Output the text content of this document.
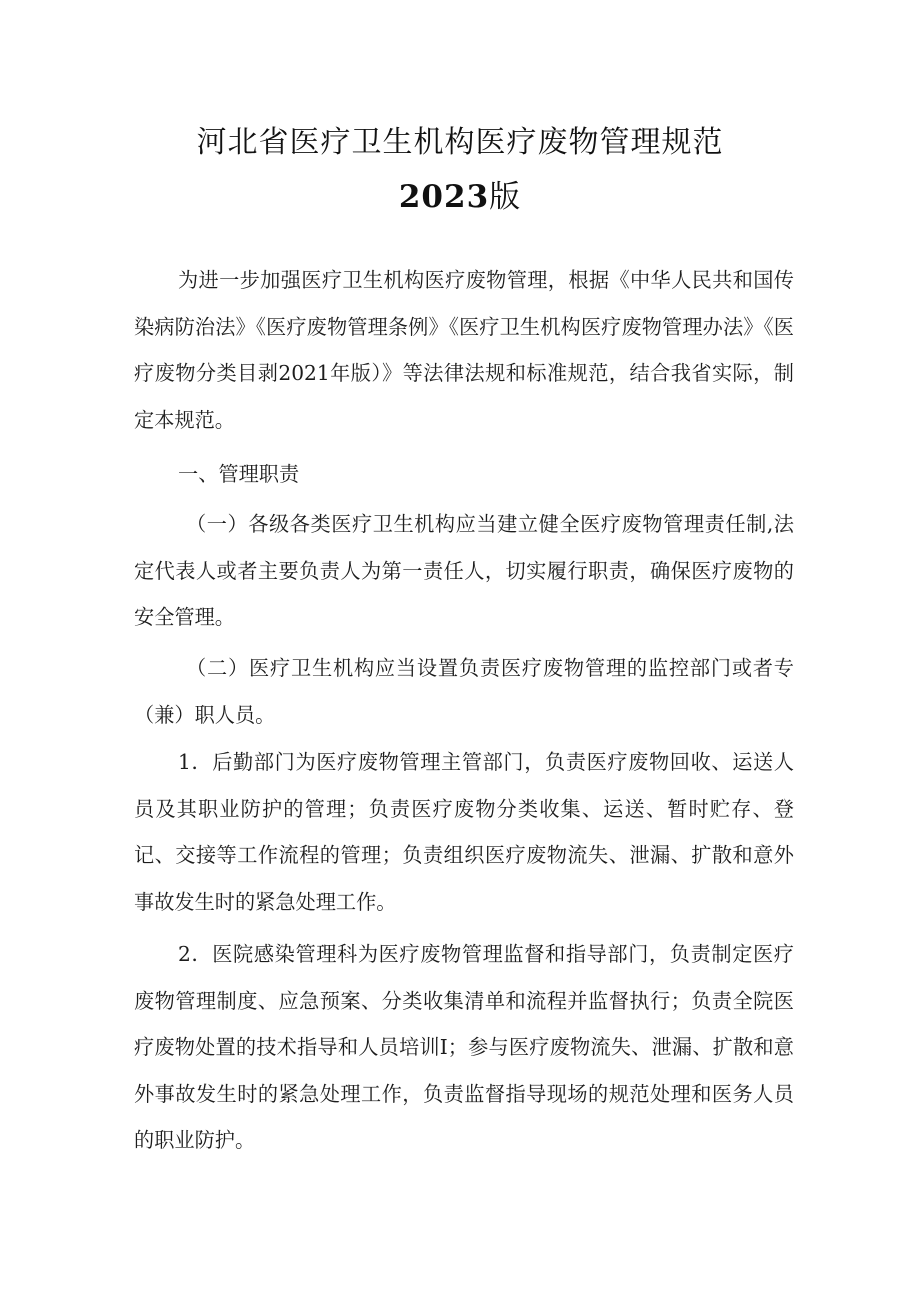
河北省医疗卫生机构医疗废物管理规范
2023版

为进一步加强医疗卫生机构医疗废物管理，根据《中华人民共和国传染病防治法》《医疗废物管理条例》《医疗卫生机构医疗废物管理办法》《医疗废物分类目剥2021年版）》等法律法规和标准规范，结合我省实际，制定本规范。

一、管理职责

（一）各级各类医疗卫生机构应当建立健全医疗废物管理责任制,法定代表人或者主要负责人为第一责任人，切实履行职责，确保医疗废物的安全管理。

（二）医疗卫生机构应当设置负责医疗废物管理的监控部门或者专（兼）职人员。

1．后勤部门为医疗废物管理主管部门，负责医疗废物回收、运送人员及其职业防护的管理；负责医疗废物分类收集、运送、暂时贮存、登记、交接等工作流程的管理；负责组织医疗废物流失、泄漏、扩散和意外事故发生时的紧急处理工作。

2．医院感染管理科为医疗废物管理监督和指导部门，负责制定医疗废物管理制度、应急预案、分类收集清单和流程并监督执行；负责全院医疗废物处置的技术指导和人员培训I；参与医疗废物流失、泄漏、扩散和意外事故发生时的紧急处理工作，负责监督指导现场的规范处理和医务人员的职业防护。
